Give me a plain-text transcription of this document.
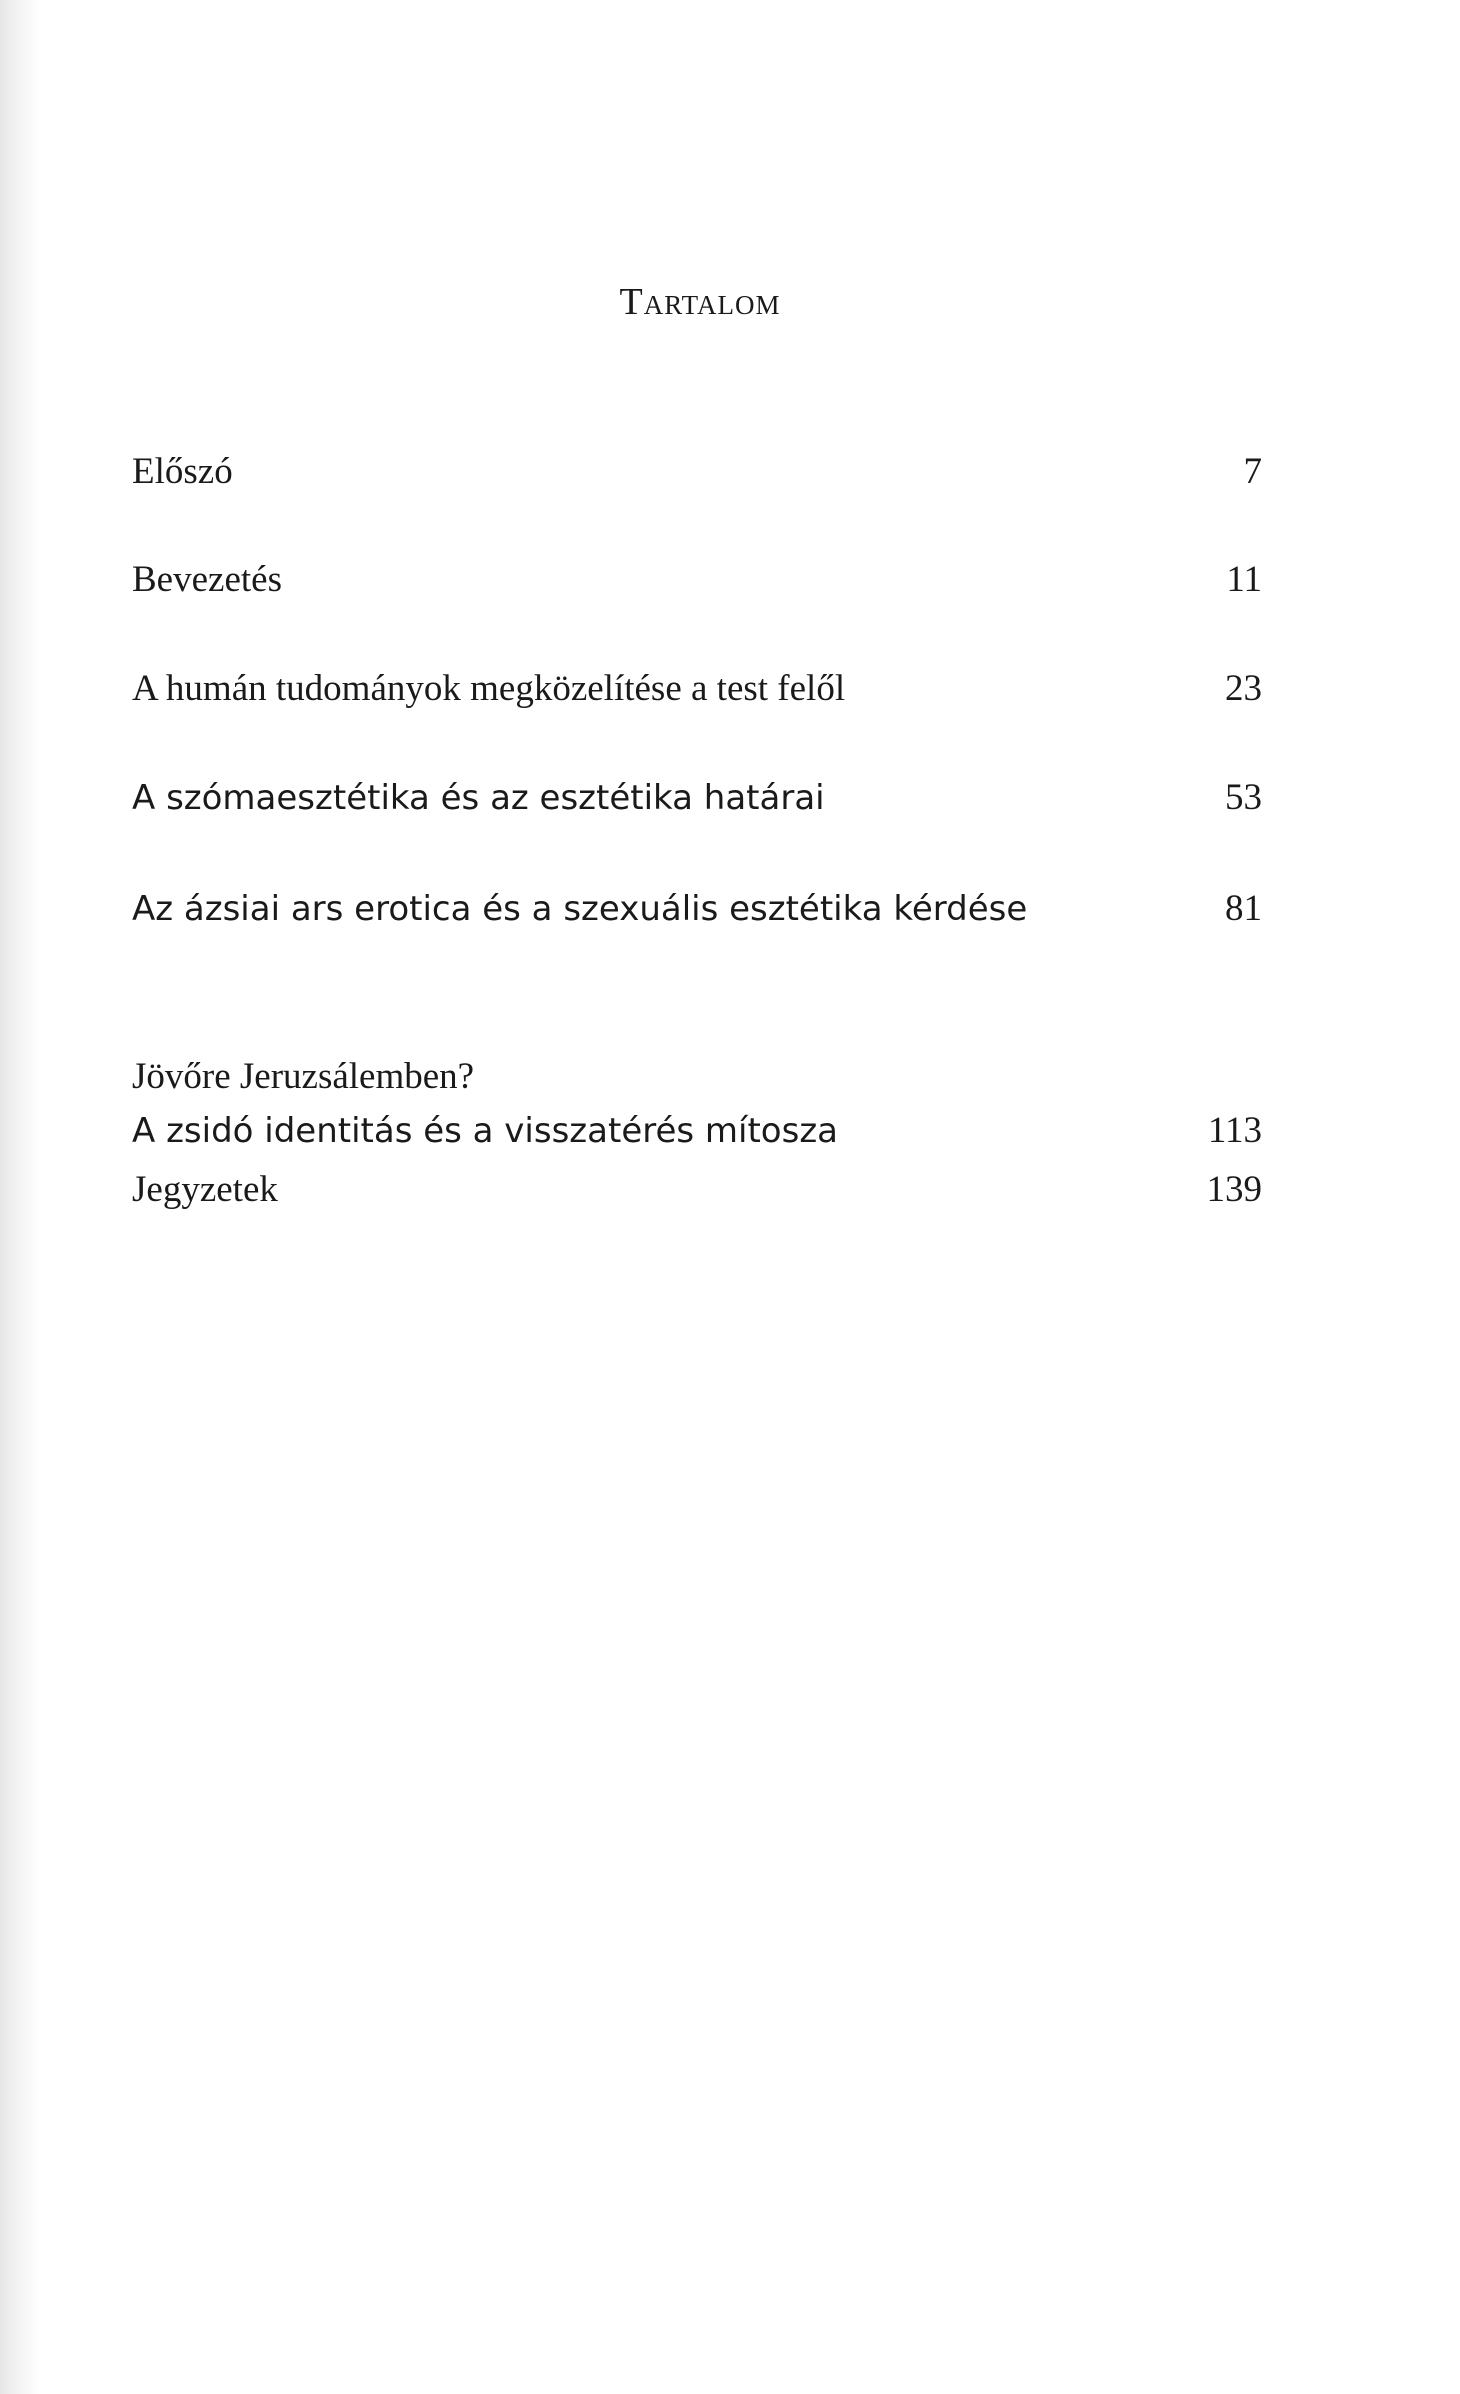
Tartalom
Előszó	7
Bevezetés	11
A humán tudományok megközelítése a test felől	23
A szómaesztétika és az esztétika határai	53
Az ázsiai ars erotica és a szexuális esztétika kérdése	81
Jövőre Jeruzsálemben?
A zsidó identitás és a visszatérés mítosza	113
Jegyzetek	139
